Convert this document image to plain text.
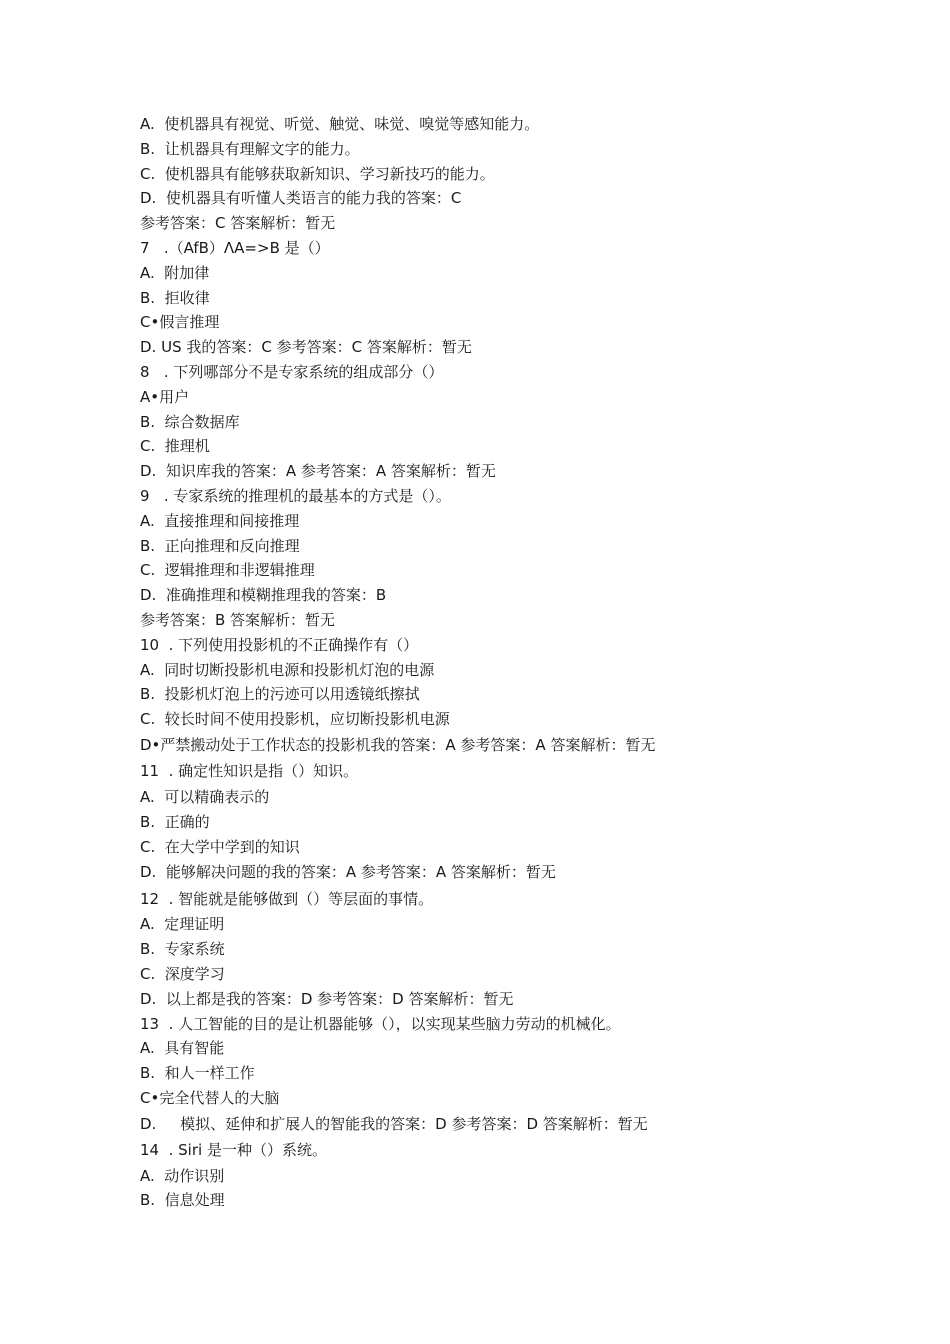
A.  使机器具有视觉、听觉、触觉、味觉、嗅觉等感知能力。
B.  让机器具有理解文字的能力。
C.  使机器具有能够获取新知识、学习新技巧的能力。
D.  使机器具有听懂人类语言的能力我的答案：C
参考答案：C 答案解析：暂无
7   .（AfB）ΛA=>B 是（）
A.  附加律
B.  拒收律
C•假言推理
D. US 我的答案：C 参考答案：C 答案解析：暂无
8   . 下列哪部分不是专家系统的组成部分（）
A•用户
B.  综合数据库
C.  推理机
D.  知识库我的答案：A 参考答案：A 答案解析：暂无
9   . 专家系统的推理机的最基本的方式是（）。
A.  直接推理和间接推理
B.  正向推理和反向推理
C.  逻辑推理和非逻辑推理
D.  准确推理和模糊推理我的答案：B
参考答案：B 答案解析：暂无
10  . 下列使用投影机的不正确操作有（）
A.  同时切断投影机电源和投影机灯泡的电源
B.  投影机灯泡上的污迹可以用透镜纸擦拭
C.  较长时间不使用投影机，应切断投影机电源
D•严禁搬动处于工作状态的投影机我的答案：A 参考答案：A 答案解析：暂无
11  . 确定性知识是指（）知识。
A.  可以精确表示的
B.  正确的
C.  在大学中学到的知识
D.  能够解决问题的我的答案：A 参考答案：A 答案解析：暂无
12  . 智能就是能够做到（）等层面的事情。
A.  定理证明
B.  专家系统
C.  深度学习
D.  以上都是我的答案：D 参考答案：D 答案解析：暂无
13  . 人工智能的目的是让机器能够（），以实现某些脑力劳动的机械化。
A.  具有智能
B.  和人一样工作
C•完全代替人的大脑
D.     模拟、延伸和扩展人的智能我的答案：D 参考答案：D 答案解析：暂无
14  . Siri 是一种（）系统。
A.  动作识别
B.  信息处理
